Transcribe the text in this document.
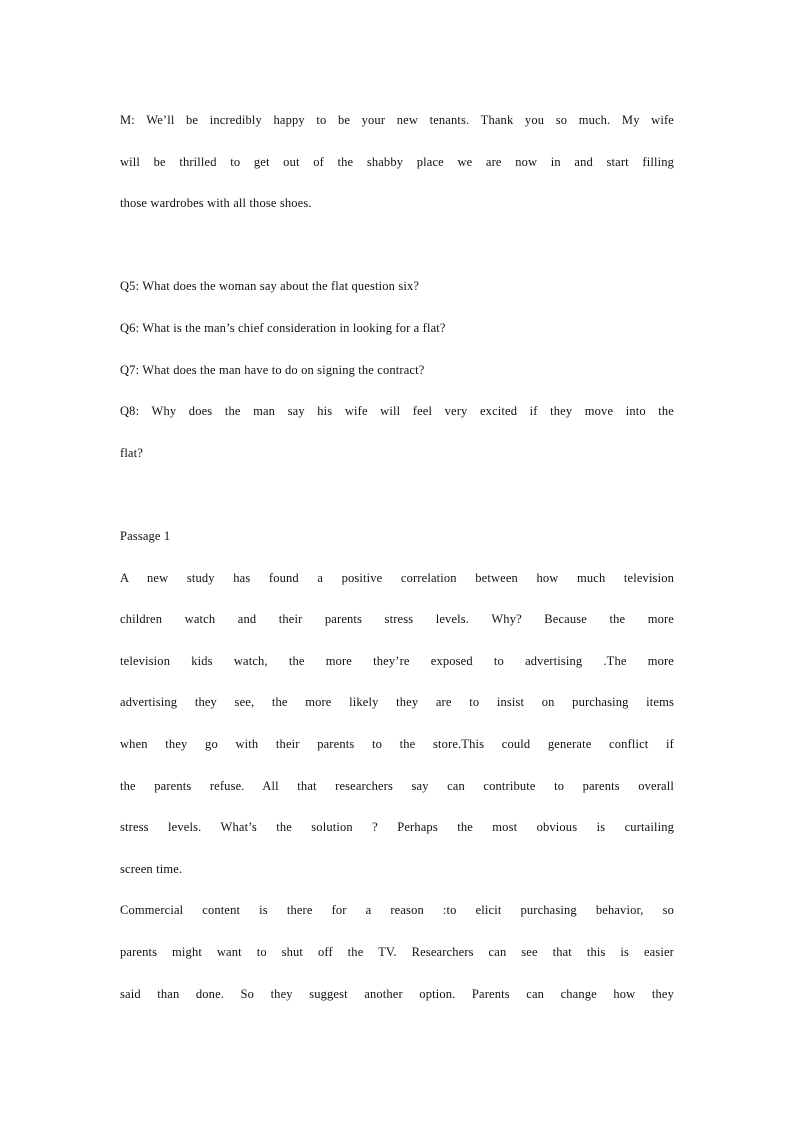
M: We’ll be incredibly happy to be your new tenants. Thank you so much. My wife
will be thrilled to get out of the shabby place we are now in and start filling
those wardrobes with all those shoes.
Q5: What does the woman say about the flat question six?
Q6: What is the man’s chief consideration in looking for a flat?
Q7: What does the man have to do on signing the contract?
Q8: Why does the man say his wife will feel very excited if they move into the
flat?
Passage 1
A new study has found a positive correlation between how much television
children watch and their parents stress levels. Why? Because the more
television kids watch, the more they’re exposed to advertising .The more
advertising they see, the more likely they are to insist on purchasing items
when they go with their parents to the store.This could generate conflict if
the parents refuse. All that researchers say can contribute to parents overall
stress levels. What’s the solution ? Perhaps the most obvious is curtailing
screen time.
Commercial content is there for a reason :to elicit purchasing behavior, so
parents might want to shut off the TV. Researchers can see that this is easier
said than done. So they suggest another option. Parents can change how they
